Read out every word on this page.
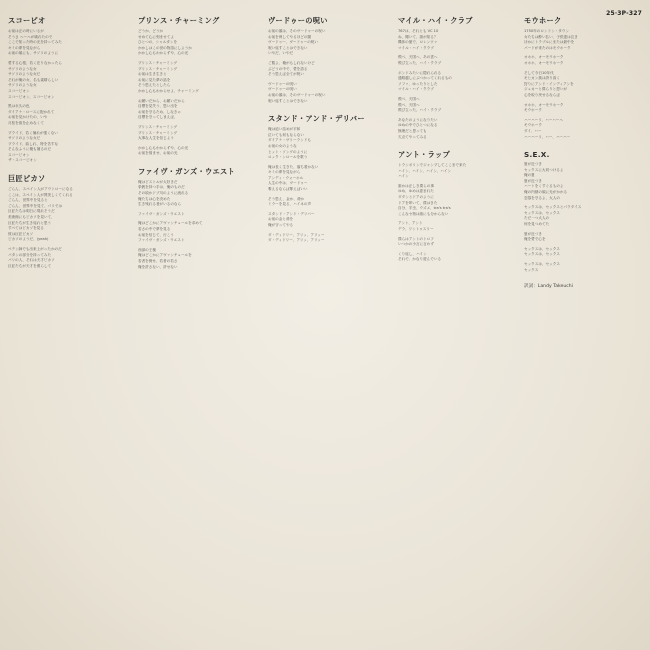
25·3P-327
スコーピオ
お前は正の時にいるが
そうさ ヘーヘが壊れたので
ここで知った時の光を持ってみた
キミの夢を見ながら
お前の頬にも、サソリのように
愛する心根、若く在りなかったら
サソリのような女
サソリのような女だ
それが俺の女、名も素晴らしい
サソリのような女
スコーピオン
スコーピオン、スコーピオン
黒は永久の色
ダイアナ・ロースに抱かれて
お前を見かけたの、いや
月桂を欲を止めなくて
プライド、若く憧れが強くない
サソリのような女だ
プライド、曲しれ、特を苦すな
そんなふうに俺も捕るのだ
スコーピオン
ザ・スコーピオン
巨匠ピカソ
ごらん、スペイン人がアウトローになる
ここは、スペイン人が賛美しくてくれる
ごらん、世界中を見ると
ごらん、世界中を見て、パリでは
巨匠たちは明日に現れそうだ
美術館にもピカソを見いて、
巨匠たちが生き返れと思う
すべてはピカソを見る
彼は巨匠ピカソ
ピカソのようだ、(yeah)
ぺテン師でも出来上がったかのだ
パタンの部分を持ってみた
パリの人、それは天才ピカソ
巨匠たちが天才を照らして
プリンス・チャーミング
どうか、どうか
せめて心に刻ませてよ
ひとつの、シャルタンを
かかしはこの世の物語にしようか
かかし心もわからずや、心の光
プリンス・チャーミング
プリンス・チャーミング
お前は生き生きと
お前に見た夢の話を
そう思えたとしたら
かかし心もわからせよ、チャーミング
お願いだから、お願いだから
目標を見失う、思い出を
お前を守るため、しなきゃ
目標を守ってしまえば、
プリンス・チャーミング
プリンス・チャーミング
大事な人生を信じよう
かかし心もわからずや、心の光
お前を悩ませ、お前の光
ファイヴ・ガンズ・ウエスト
俺はピストルが大好きだ
拳銃を持つ手は、俺のものだ
その頃かドブ川のように流れる
俺たちは心を決めた
生き残れる者がいるのなら
ファイヴ・ガンズ・ウエスト
俺はどこかにアヴァンチュールを求めて
若さの中で夢を見る
お前を信じて、行こう
ファイヴ・ガンズ・ウエスト
西部の王様
俺はどこかにアヴァンチュールを
若者を倒せ、若者の若さ
俺を許さない、許せない
ヴードゥーの呪い
お前の頭は、そのヴードゥーの呪い
お前を脅してやるほどの闇
ヴードゥー、ヴードゥーの呪い
呪い返すことはできない
いやだ、いやだ
ご覧よ、俺がもしれないけど
ぶどうの中で、愛を語る
そう思えば全てが呪い
ヴードゥーの呪い
ヴードゥーの呪い
お前の頭は、そのヴードゥーの呪い
呪い返すことはできない
スタンド・アンド・デリバー
俺は追い詰めが平和
泣いても何もならない
ダイアナ・ヴリーランドも
お前の女のような
ヒット・ソングのように
ロック・ンロールを歌う
俺は長く生きた、落ち着かない
キミの夢を見ながら
アンディ・ウォーホル
人生の中は、ヴードゥー
奪えるならば奪えばいい
そう思え、金か、命か
ミラーを見る、ハイネの声
スタンド・アンド・デリバー
お前の金と命を
俺が守ってやる
ダ・ディドリー、アリッ、アリッー
ダ・ディドリー、アリッ、アリッー
マイル・ハイ・クラブ
767は、それとも VC 10
ね、聞いて、誰が知る？
機体の便で、ロレンツァ
マイル・ハイ・クラブ
飛べ、天国へ、あの雲へ
飛び立った、ハイ・クラブ
ボンドみたいに隠れられる
通路越しにぶつかってくれるもの
ソファ、ゆったりとした
マイル・ハイ・クラブ
飛べ、天国へ
飛べ、天国へ
飛び立った、ハイ・クラブ
あなたのようになりたい
ゆめの中でひとつになる
無理だと思っても
欠点てやってみる
アント・ラップ
トランポリンでジャンプしてここまで来た
ハイン、ハイン、ハイン、ハイン
ハイン
誰かは正しき僕らの事
ゆめ、ゆめは恵まれた
ダダンとドアのように
ドアを叩いて、僕はきた
自分、芋虫、ウズメ、tra's tra's
こんなセ物は誰にも分からない
アント、アント
デラ、ワントゥスリー
僕らはアントのトロフ
いつかの小言に言わず
くり返し、ハイン
それで、かなり遊んでいる
モウホーク
1750年のロンドン・タウン
女たちは酔い払い、子供達は泣き
ほかにトラブルにまたは最中を
パードが来たのはモウホーク
オホホ、オーモウホーク
オホホ、オーモウホーク
そして今日10年代
モヒカン族は誇り高く
狩りにアンド・インディアンを
ジュカーと僕らりと思いが
心を取り戻せるならば
オホホ、オーモウホーク
モウホーク
ハーハーリ、ハーハーヘ
モウホーク
ダイ、ハー
ハーハーリ、ハー、ハーハー
S.E.X.
夏が近づき
セックスに大切つけるよ
俺の夏
夏が近づき
ハートをくすぐるものよ
俺の内緒の頬に光がかかる
恋慕を守るよ、大人の
セックスは、セックスとパラダイス
セックスは、セックス
ただ一つ大人の
何を見つめてた
夏が近づき
俺を愛で心を
セックスは、セックス
セックスは、セックス
セックスは、セックス
セックス
訳詞：Landy Takeuchi
